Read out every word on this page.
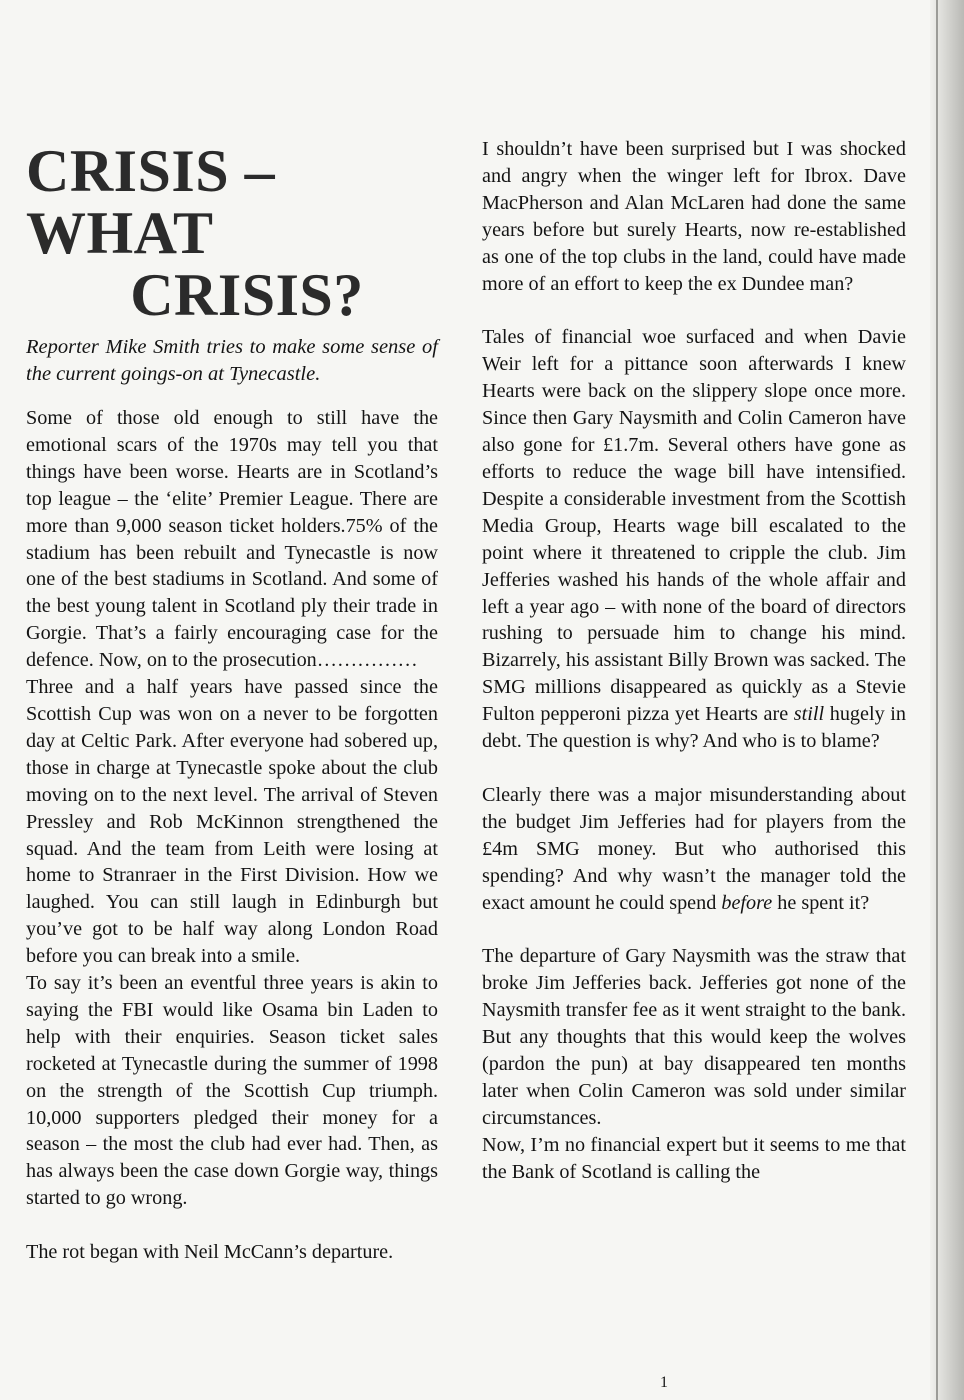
CRISIS – WHAT
CRISIS?

Reporter Mike Smith tries to make some sense of the current goings-on at Tynecastle.

Some of those old enough to still have the emotional scars of the 1970s may tell you that things have been worse. Hearts are in Scotland’s top league – the ‘elite’ Premier League. There are more than 9,000 season ticket holders.75% of the stadium has been rebuilt and Tynecastle is now one of the best stadiums in Scotland. And some of the best young talent in Scotland ply their trade in Gorgie. That’s a fairly encouraging case for the defence. Now, on to the prosecution……………

Three and a half years have passed since the Scottish Cup was won on a never to be forgotten day at Celtic Park. After everyone had sobered up, those in charge at Tynecastle spoke about the club moving on to the next level. The arrival of Steven Pressley and Rob McKinnon strengthened the squad. And the team from Leith were losing at home to Stranraer in the First Division. How we laughed. You can still laugh in Edinburgh but you’ve got to be half way along London Road before you can break into a smile.

To say it’s been an eventful three years is akin to saying the FBI would like Osama bin Laden to help with their enquiries. Season ticket sales rocketed at Tynecastle during the summer of 1998 on the strength of the Scottish Cup triumph. 10,000 supporters pledged their money for a season – the most the club had ever had. Then, as has always been the case down Gorgie way, things started to go wrong.

The rot began with Neil McCann’s departure.

I shouldn’t have been surprised but I was shocked and angry when the winger left for Ibrox. Dave MacPherson and Alan McLaren had done the same years before but surely Hearts, now re-established as one of the top clubs in the land, could have made more of an effort to keep the ex Dundee man?

Tales of financial woe surfaced and when Davie Weir left for a pittance soon afterwards I knew Hearts were back on the slippery slope once more. Since then Gary Naysmith and Colin Cameron have also gone for £1.7m. Several others have gone as efforts to reduce the wage bill have intensified. Despite a considerable investment from the Scottish Media Group, Hearts wage bill escalated to the point where it threatened to cripple the club. Jim Jefferies washed his hands of the whole affair and left a year ago – with none of the board of directors rushing to persuade him to change his mind. Bizarrely, his assistant Billy Brown was sacked. The SMG millions disappeared as quickly as a Stevie Fulton pepperoni pizza yet Hearts are still hugely in debt. The question is why? And who is to blame?

Clearly there was a major misunderstanding about the budget Jim Jefferies had for players from the £4m SMG money. But who authorised this spending? And why wasn’t the manager told the exact amount he could spend before he spent it?

The departure of Gary Naysmith was the straw that broke Jim Jefferies back. Jefferies got none of the Naysmith transfer fee as it went straight to the bank. But any thoughts that this would keep the wolves (pardon the pun) at bay disappeared ten months later when Colin Cameron was sold under similar circumstances.

Now, I’m no financial expert but it seems to me that the Bank of Scotland is calling the

1
